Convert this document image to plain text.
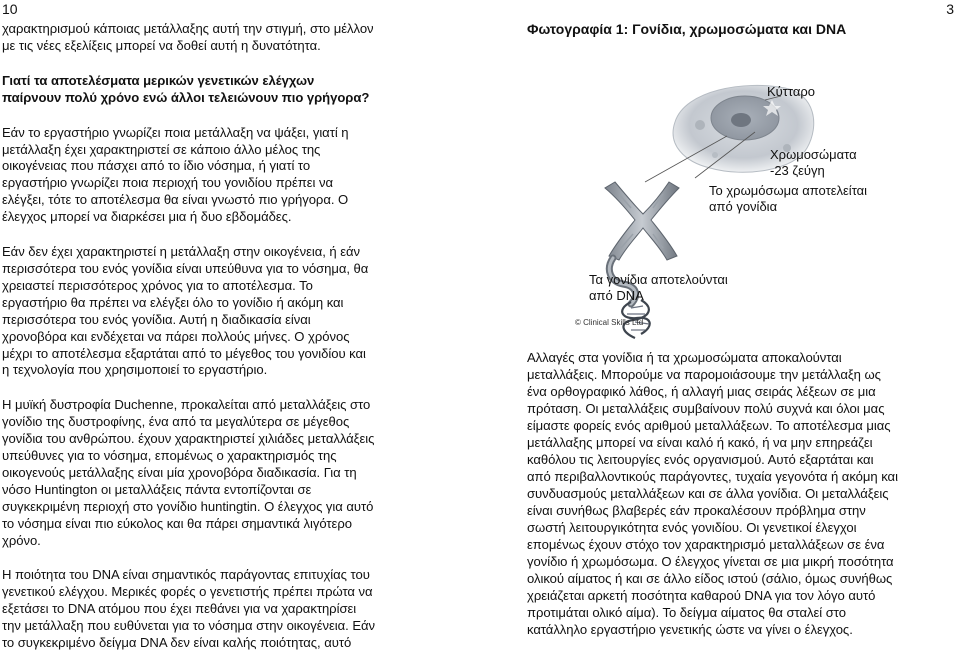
10	3

χαρακτηρισμού κάποιας μετάλλαξης αυτή την στιγμή, στο μέλλον
με τις νέες εξελίξεις μπορεί να δοθεί αυτή η δυνατότητα.

Γιατί τα αποτελέσματα μερικών γενετικών ελέγχων
παίρνουν πολύ χρόνο ενώ άλλοι τελειώνουν πιο γρήγορα?

Εάν το εργαστήριο γνωρίζει ποια μετάλλαξη να ψάξει, γιατί η
μετάλλαξη έχει χαρακτηριστεί σε κάποιο άλλο μέλος της
οικογένειας που πάσχει από το ίδιο νόσημα, ή γιατί το
εργαστήριο γνωρίζει ποια περιοχή του γονιδίου πρέπει να
ελέγξει, τότε το αποτέλεσμα θα είναι γνωστό πιο γρήγορα. Ο
έλεγχος μπορεί να διαρκέσει μια ή δυο εβδομάδες.

Εάν δεν έχει χαρακτηριστεί η μετάλλαξη στην οικογένεια, ή εάν
περισσότερα του ενός γονίδια είναι υπεύθυνα για το νόσημα, θα
χρειαστεί περισσότερος χρόνος για το αποτέλεσμα. Το
εργαστήριο θα πρέπει να ελέγξει όλο το γονίδιο ή ακόμη και
περισσότερα του ενός γονίδια. Αυτή η διαδικασία είναι
χρονοβόρα και ενδέχεται να πάρει πολλούς μήνες. Ο χρόνος
μέχρι το αποτέλεσμα εξαρτάται από το μέγεθος του γονιδίου και
η τεχνολογία που χρησιμοποιεί το εργαστήριο.

Η μυϊκή δυστροφία Duchenne, προκαλείται από μεταλλάξεις στο
γονίδιο της δυστροφίνης, ένα από τα μεγαλύτερα σε μέγεθος
γονίδια του ανθρώπου. έχουν χαρακτηριστεί χιλιάδες μεταλλάξεις
υπεύθυνες για το νόσημα, επομένως ο χαρακτηρισμός της
οικογενούς μετάλλαξης είναι μία χρονοβόρα διαδικασία. Για τη
νόσο Huntington οι μεταλλάξεις πάντα εντοπίζονται σε
συγκεκριμένη περιοχή στο γονίδιο huntingtin. Ο έλεγχος για αυτό
το νόσημα είναι πιο εύκολος και θα πάρει σημαντικά λιγότερο
χρόνο.

Η ποιότητα του DNA είναι σημαντικός παράγοντας επιτυχίας του
γενετικού ελέγχου. Μερικές φορές ο γενετιστής πρέπει πρώτα να
εξετάσει το DNA ατόμου που έχει πεθάνει για να χαρακτηρίσει
την μετάλλαξη που ευθύνεται για το νόσημα στην οικογένεια. Εάν
το συγκεκριμένο δείγμα DNA δεν είναι καλής ποιότητας, αυτό

Φωτογραφία 1: Γονίδια, χρωμοσώματα και DNA
Κύτταρο
Χρωμοσώματα
-23 ζεύγη
Το χρωμόσωμα αποτελείται
από γονίδια
Τα γονίδια αποτελούνται
από DNA
© Clinical Skills Ltd

Αλλαγές στα γονίδια ή τα χρωμοσώματα αποκαλούνται
μεταλλάξεις. Μπορούμε να παρομοιάσουμε την μετάλλαξη ως
ένα ορθογραφικό λάθος, ή αλλαγή μιας σειράς λέξεων σε μια
πρόταση. Οι μεταλλάξεις συμβαίνουν πολύ συχνά και όλοι μας
είμαστε φορείς ενός αριθμού μεταλλάξεων. Το αποτέλεσμα μιας
μετάλλαξης μπορεί να είναι καλό ή κακό, ή να μην επηρεάζει
καθόλου τις λειτουργίες ενός οργανισμού. Αυτό εξαρτάται και
από περιβαλλοντικούς παράγοντες, τυχαία γεγονότα ή ακόμη και
συνδυασμούς μεταλλάξεων και σε άλλα γονίδια. Οι μεταλλάξεις
είναι συνήθως βλαβερές εάν προκαλέσουν πρόβλημα στην
σωστή λειτουργικότητα ενός γονιδίου. Οι γενετικοί έλεγχοι
επομένως έχουν στόχο τον χαρακτηρισμό μεταλλάξεων σε ένα
γονίδιο ή χρωμόσωμα. Ο έλεγχος γίνεται σε μια μικρή ποσότητα
ολικού αίματος ή και σε άλλο είδος ιστού (σάλιο, όμως συνήθως
χρειάζεται αρκετή ποσότητα καθαρού DNA για τον λόγο αυτό
προτιμάται ολικό αίμα). Το δείγμα αίματος θα σταλεί στο
κατάλληλο εργαστήριο γενετικής ώστε να γίνει ο έλεγχος.
